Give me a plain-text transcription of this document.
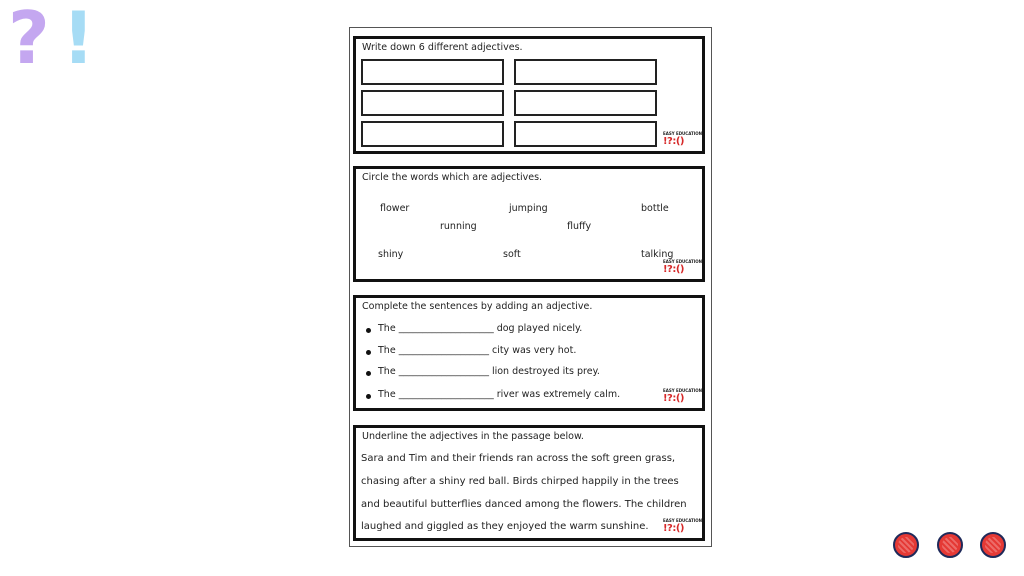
? !	Write down 6 different adjectives.
EASY EDUCATION
!?:()
Circle the words which are adjectives.
flower	jumping	bottle
running	fluffy
shiny	soft	talking
EASY EDUCATION
!?:()
Complete the sentences by adding an adjective.
The ____________________ dog played nicely.
The ___________________ city was very hot.
The ___________________ lion destroyed its prey.
The ____________________ river was extremely calm.	EASY EDUCATION
!?:()
Underline the adjectives in the passage below.
Sara and Tim and their friends ran across the soft green grass,
chasing after a shiny red ball. Birds chirped happily in the trees
and beautiful butterflies danced among the flowers. The children
laughed and giggled as they enjoyed the warm sunshine.
EASY EDUCATION
!?:()
